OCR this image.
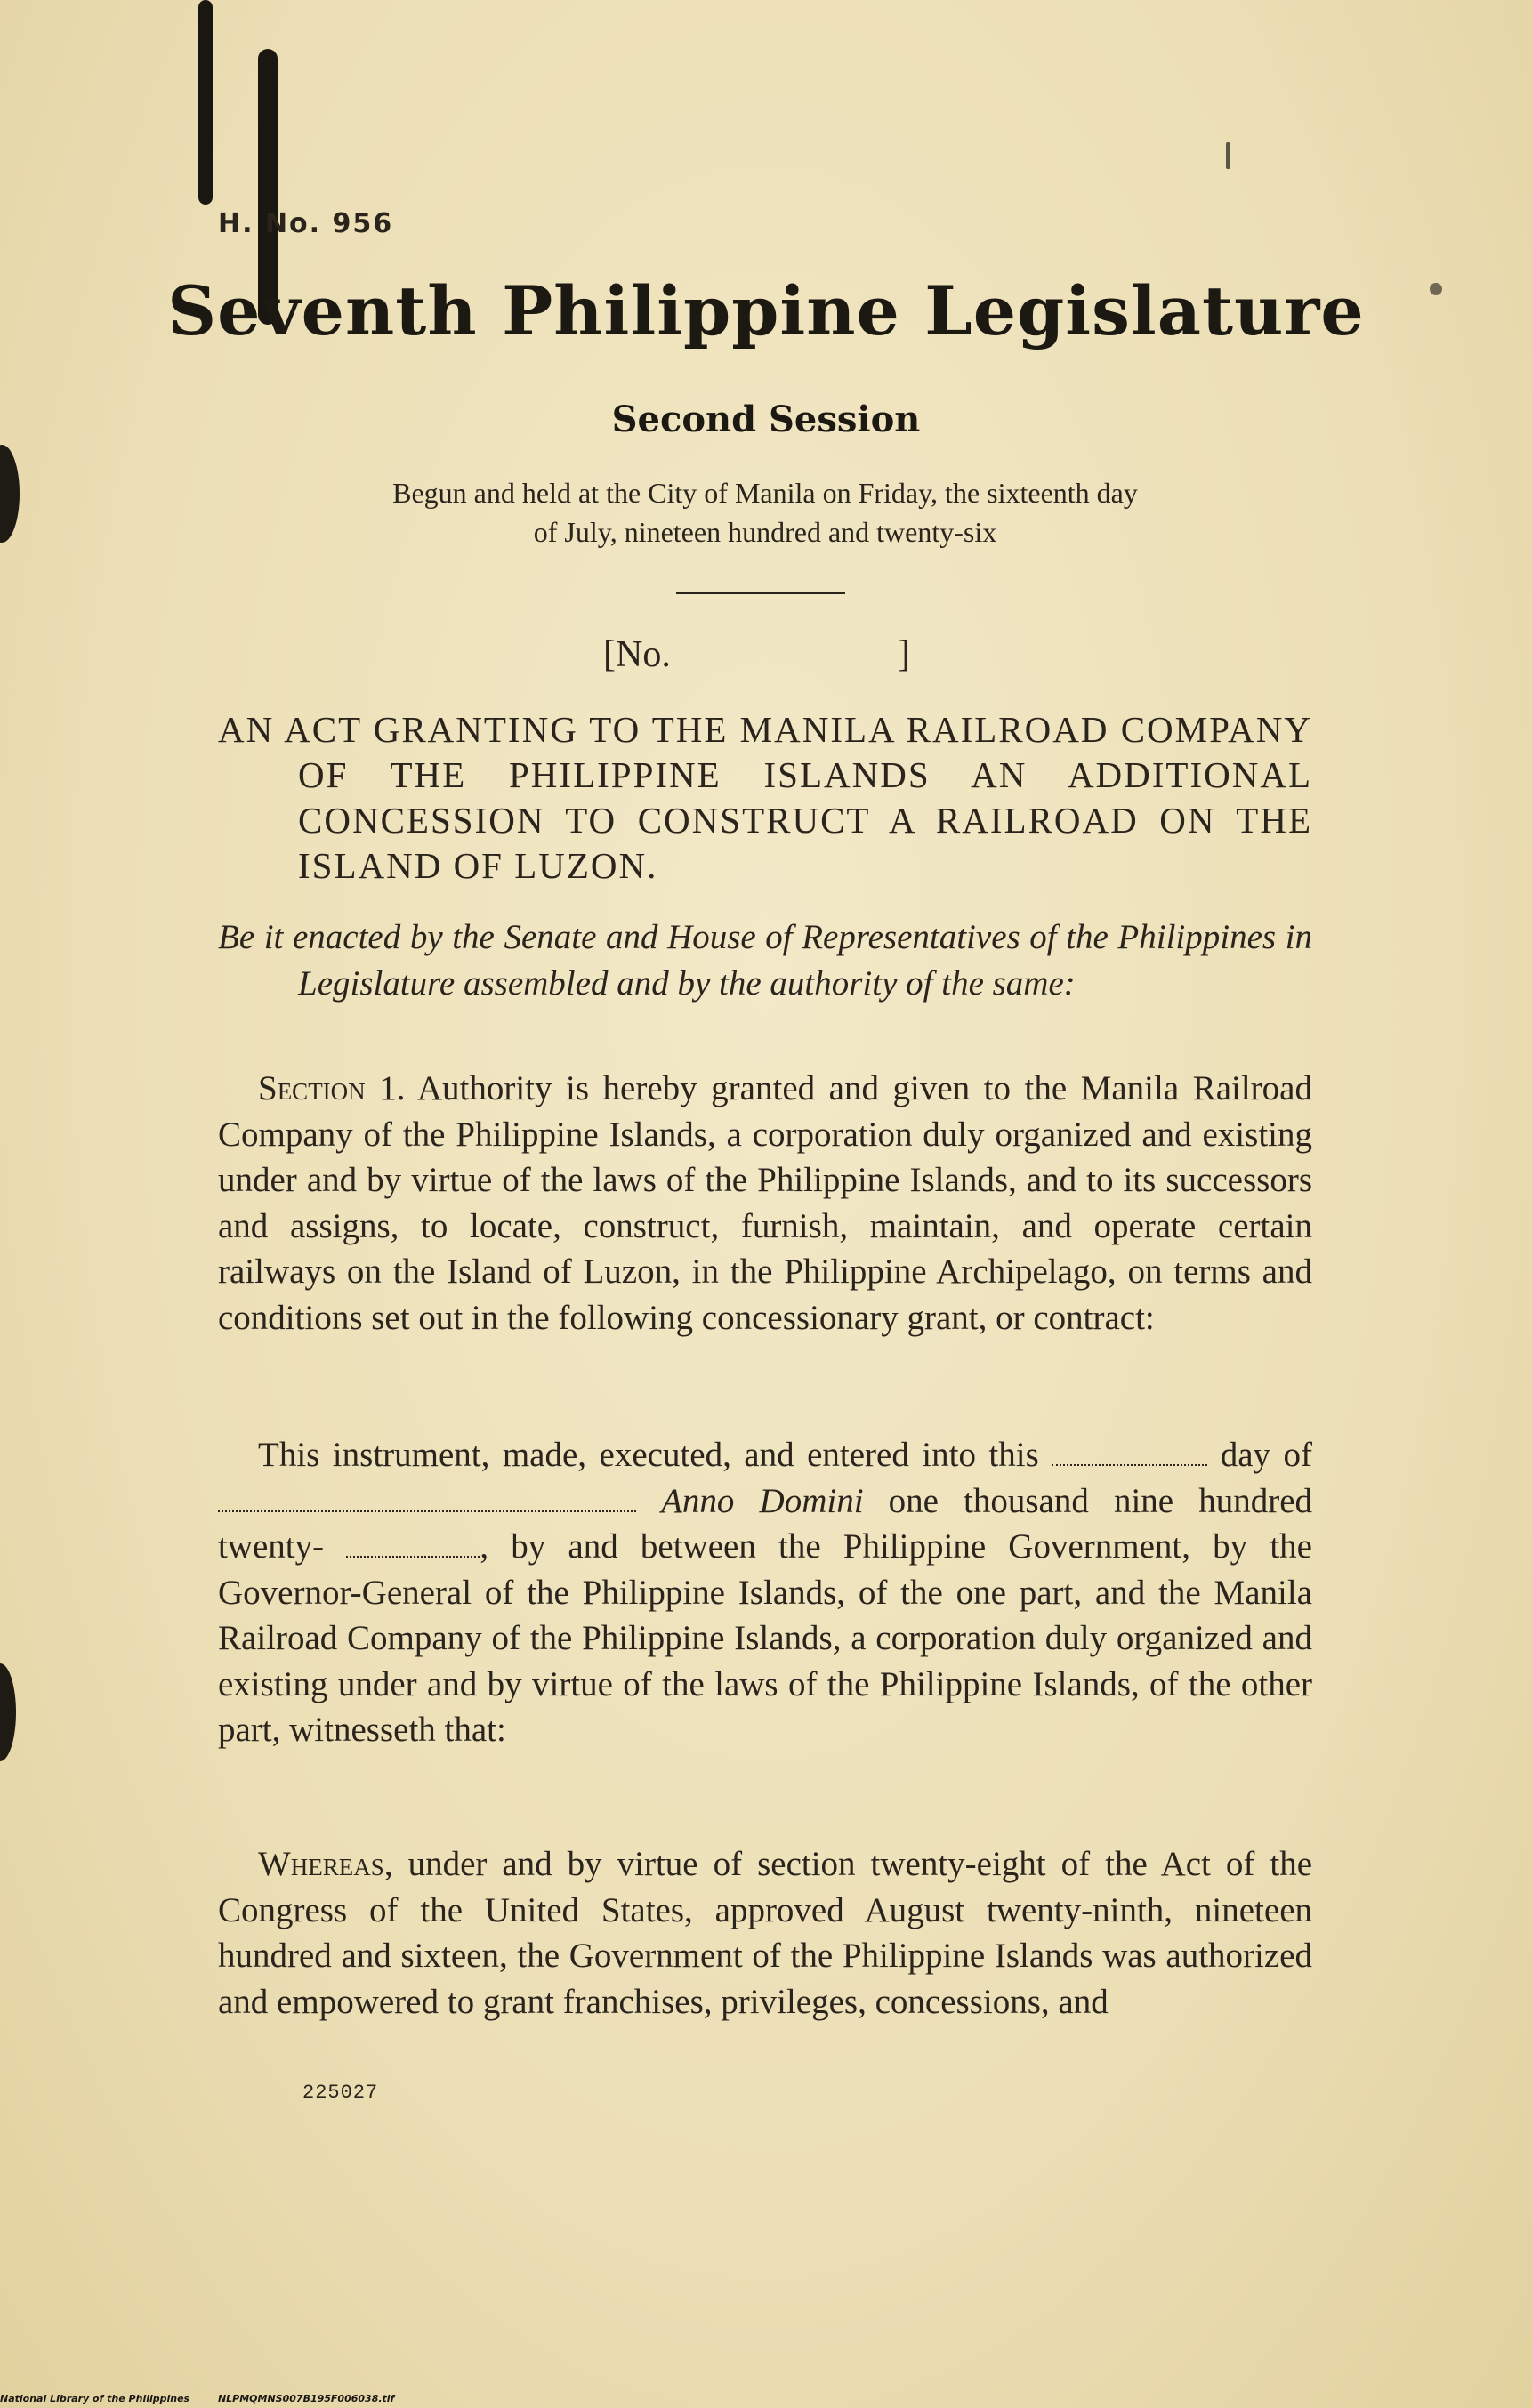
H. No. 956
Seventh Philippine Legislature
Second Session
Begun and held at the City of Manila on Friday, the sixteenth day
of July, nineteen hundred and twenty-six
[No.	]
AN ACT GRANTING TO THE MANILA RAILROAD COMPANY OF THE PHILIPPINE ISLANDS AN ADDITIONAL CONCESSION TO CONSTRUCT A RAILROAD ON THE ISLAND OF LUZON.
Be it enacted by the Senate and House of Representatives of the Philippines in Legislature assembled and by the authority of the same:
Section 1. Authority is hereby granted and given to the Manila Railroad Company of the Philippine Islands, a corporation duly organized and existing under and by virtue of the laws of the Philippine Islands, and to its successors and assigns, to locate, construct, furnish, maintain, and operate certain railways on the Island of Luzon, in the Philippine Archipelago, on terms and conditions set out in the following concessionary grant, or contract:
This instrument, made, executed, and entered into this	day of  Anno Domini one thousand nine hundred twenty-	, by and between the Philippine Government, by the Governor-General of the Philippine Islands, of the one part, and the Manila Railroad Company of the Philippine Islands, a corporation duly organized and existing under and by virtue of the laws of the Philippine Islands, of the other part, witnesseth that:
Whereas, under and by virtue of section twenty-eight of the Act of the Congress of the United States, approved August twenty-ninth, nineteen hundred and sixteen, the Government of the Philippine Islands was authorized and empowered to grant franchises, privileges, concessions, and
225027
National Library of the Philippines	NLPMQMNS007B195F006038.tif
